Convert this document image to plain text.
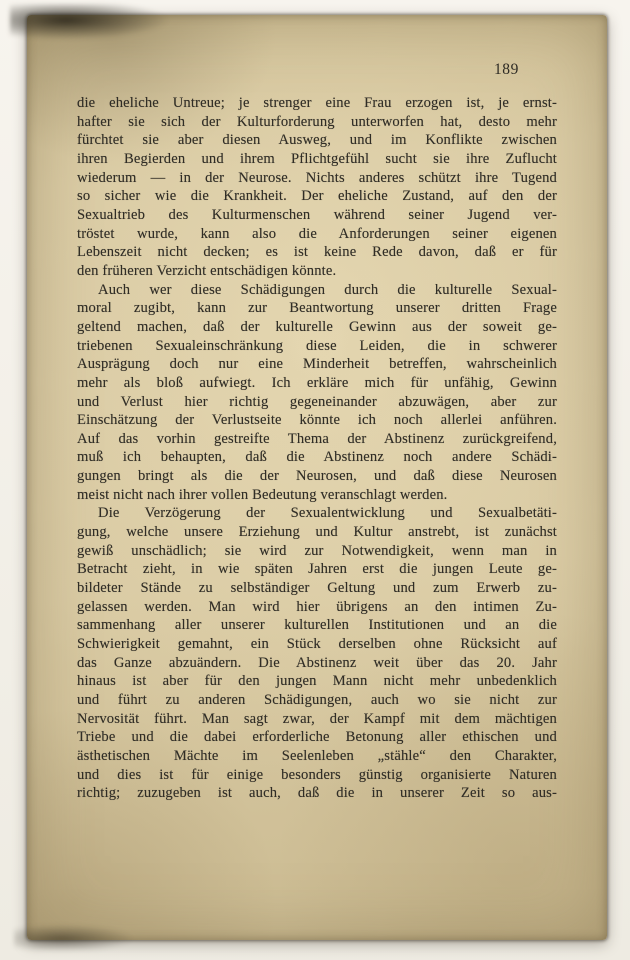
189
die eheliche Untreue; je strenger eine Frau erzogen ist, je ernst-
hafter sie sich der Kulturforderung unterworfen hat, desto mehr
fürchtet sie aber diesen Ausweg, und im Konflikte zwischen
ihren Begierden und ihrem Pflichtgefühl sucht sie ihre Zuflucht
wiederum — in der Neurose. Nichts anderes schützt ihre Tugend
so sicher wie die Krankheit. Der eheliche Zustand, auf den der
Sexualtrieb des Kulturmenschen während seiner Jugend ver-
tröstet wurde, kann also die Anforderungen seiner eigenen
Lebenszeit nicht decken; es ist keine Rede davon, daß er für
den früheren Verzicht entschädigen könnte.
Auch wer diese Schädigungen durch die kulturelle Sexual-
moral zugibt, kann zur Beantwortung unserer dritten Frage
geltend machen, daß der kulturelle Gewinn aus der soweit ge-
triebenen Sexualeinschränkung diese Leiden, die in schwerer
Ausprägung doch nur eine Minderheit betreffen, wahrscheinlich
mehr als bloß aufwiegt. Ich erkläre mich für unfähig, Gewinn
und Verlust hier richtig gegeneinander abzuwägen, aber zur
Einschätzung der Verlustseite könnte ich noch allerlei anführen.
Auf das vorhin gestreifte Thema der Abstinenz zurückgreifend,
muß ich behaupten, daß die Abstinenz noch andere Schädi-
gungen bringt als die der Neurosen, und daß diese Neurosen
meist nicht nach ihrer vollen Bedeutung veranschlagt werden.
Die Verzögerung der Sexualentwicklung und Sexualbetäti-
gung, welche unsere Erziehung und Kultur anstrebt, ist zunächst
gewiß unschädlich; sie wird zur Notwendigkeit, wenn man in
Betracht zieht, in wie späten Jahren erst die jungen Leute ge-
bildeter Stände zu selbständiger Geltung und zum Erwerb zu-
gelassen werden. Man wird hier übrigens an den intimen Zu-
sammenhang aller unserer kulturellen Institutionen und an die
Schwierigkeit gemahnt, ein Stück derselben ohne Rücksicht auf
das Ganze abzuändern. Die Abstinenz weit über das 20. Jahr
hinaus ist aber für den jungen Mann nicht mehr unbedenklich
und führt zu anderen Schädigungen, auch wo sie nicht zur
Nervosität führt. Man sagt zwar, der Kampf mit dem mächtigen
Triebe und die dabei erforderliche Betonung aller ethischen und
ästhetischen Mächte im Seelenleben „stähle“ den Charakter,
und dies ist für einige besonders günstig organisierte Naturen
richtig; zuzugeben ist auch, daß die in unserer Zeit so aus-
